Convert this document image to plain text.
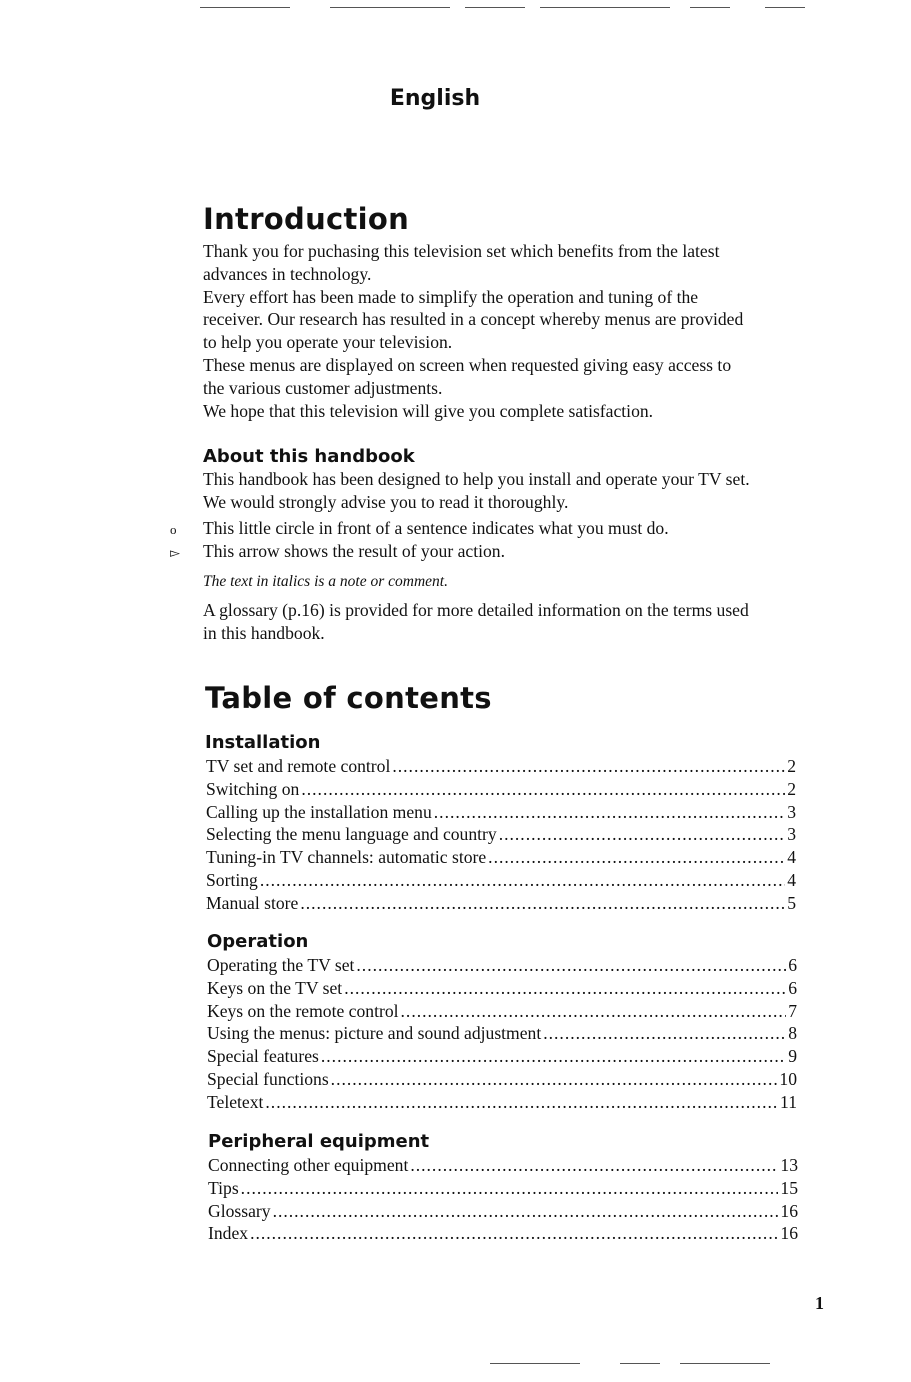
English
Introduction
Thank you for puchasing this television set which benefits from the latest
advances in technology.
Every effort has been made to simplify the operation and tuning of the
receiver. Our research has resulted in a concept whereby menus are provided
to help you operate your television.
These menus are displayed on screen when requested giving easy access to
the various customer adjustments.
We hope that this television will give you complete satisfaction.
About this handbook
This handbook has been designed to help you install and operate your TV set.
We would strongly advise you to read it thoroughly.
o This little circle in front of a sentence indicates what you must do.
▻ This arrow shows the result of your action.
The text in italics is a note or comment.
A glossary (p.16) is provided for more detailed information on the terms used
in this handbook.
Table of contents
Installation
TV set and remote control .....	2
Switching on .....	2
Calling up the installation menu .....	3
Selecting the menu language and country .....	3
Tuning-in TV channels: automatic store .....	4
Sorting .....	4
Manual store .....	5
Operation
Operating the TV set .....	6
Keys on the TV set .....	6
Keys on the remote control .....	7
Using the menus: picture and sound adjustment .....	8
Special features .....	9
Special functions .....	10
Teletext .....	11
Peripheral equipment
Connecting other equipment .....	13
Tips .....	15
Glossary .....	16
Index .....	16
1
